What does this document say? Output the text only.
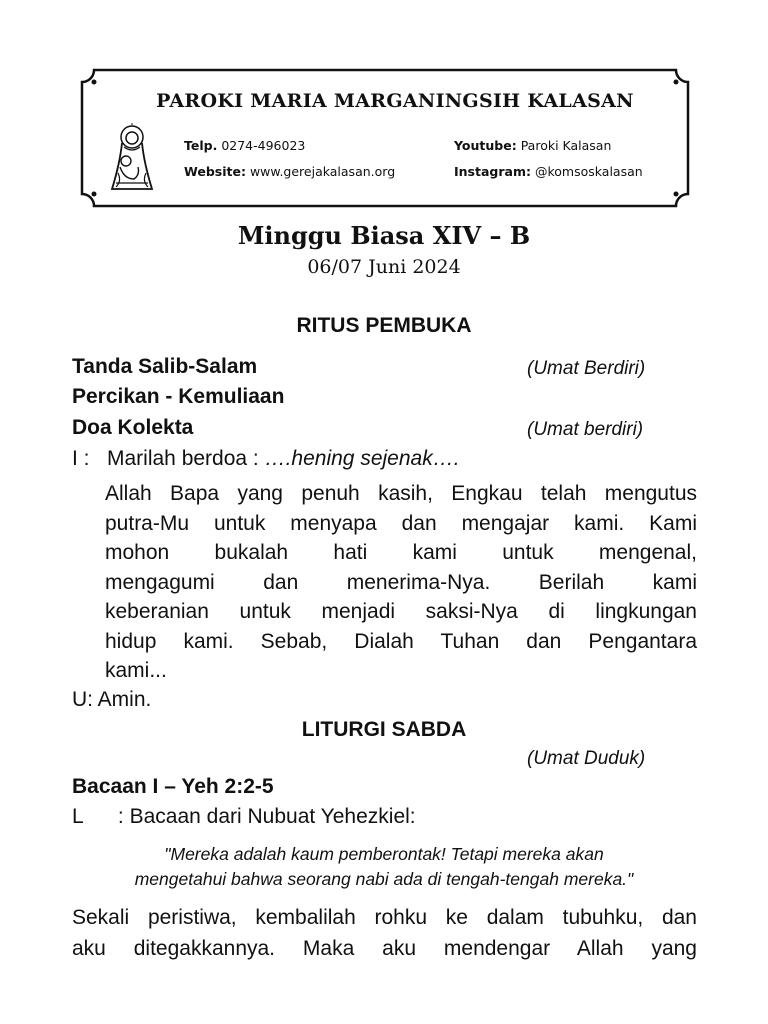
PAROKI MARIA MARGANINGSIH KALASAN
Telp. 0274-496023
Website: www.gerejakalasan.org
Youtube: Paroki Kalasan
Instagram: @komsoskalasan
Minggu Biasa XIV – B
06/07 Juni 2024
RITUS PEMBUKA
Tanda Salib-Salam	(Umat Berdiri)
Percikan - Kemuliaan
Doa Kolekta	(Umat berdiri)
I :   Marilah berdoa : ….hening sejenak….
Allah Bapa yang penuh kasih, Engkau telah mengutus
putra-Mu untuk menyapa dan mengajar kami. Kami
mohon bukalah hati kami untuk mengenal,
mengagumi dan menerima-Nya. Berilah kami
keberanian untuk menjadi saksi-Nya di lingkungan
hidup kami. Sebab, Dialah Tuhan dan Pengantara
kami...
U: Amin.
LITURGI SABDA
(Umat Duduk)
Bacaan I – Yeh 2:2-5
L      : Bacaan dari Nubuat Yehezkiel:
"Mereka adalah kaum pemberontak! Tetapi mereka akan
mengetahui bahwa seorang nabi ada di tengah-tengah mereka."
Sekali peristiwa, kembalilah rohku ke dalam tubuhku, dan
aku ditegakkannya. Maka aku mendengar Allah yang
